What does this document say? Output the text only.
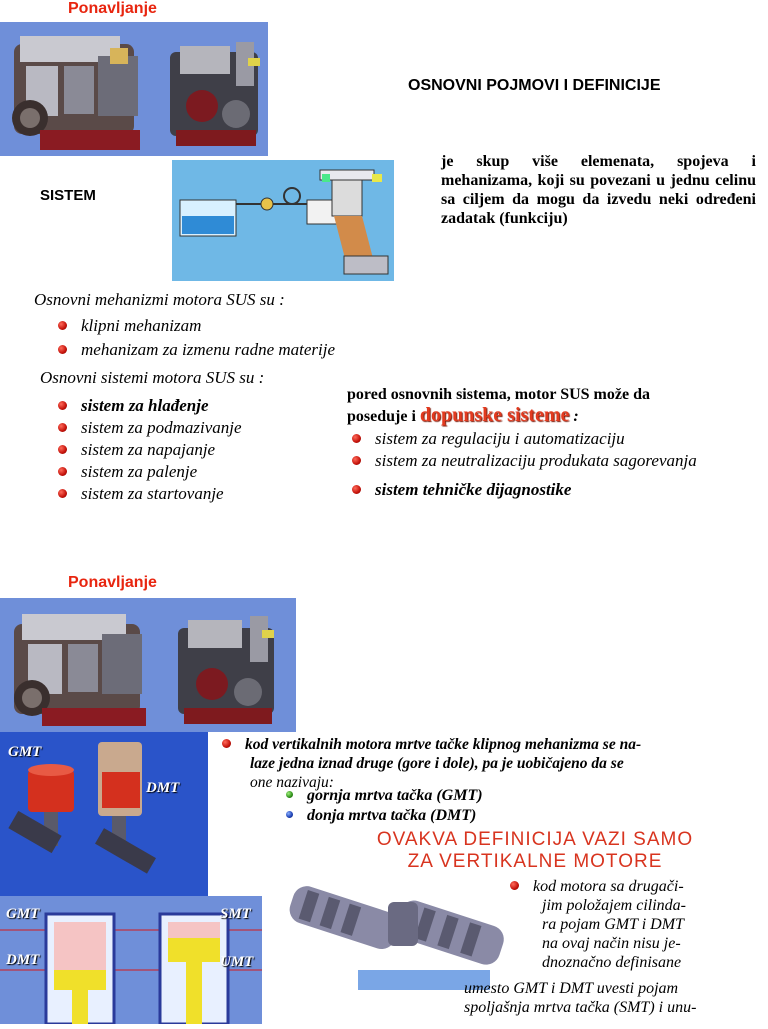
Ponavljanje
OSNOVNI POJMOVI I DEFINICIJE
SISTEM
je skup više elemenata, spojeva i mehanizama, koji su povezani u jednu celinu sa ciljem da mogu da izvedu neki određeni zadatak (funkciju)
Osnovni mehanizmi motora SUS su :
klipni mehanizam
mehanizam za izmenu radne materije
Osnovni sistemi motora SUS su :
sistem za hlađenje
sistem za podmazivanje
sistem za napajanje
sistem za palenje
sistem za startovanje
pored osnovnih sistema, motor SUS može da
poseduje i dopunske sisteme :
sistem za regulaciju i automatizaciju
sistem za neutralizaciju produkata sagorevanja
sistem tehničke dijagnostike
Ponavljanje
GMT
DMT
kod vertikalnih motora mrtve tačke klipnog mehanizma se na-
laze jedna iznad druge (gore i dole), pa je uobičajeno da se
one nazivaju:
gornja mrtva tačka (GMT)
donja mrtva tačka (DMT)
OVAKVA DEFINICIJA VAZI SAMO
ZA VERTIKALNE MOTORE
kod motora sa drugači-
jim položajem cilinda-
ra pojam GMT i DMT
na ovaj način nisu je-
dnoznačno definisane
GMT
DMT
SMT
UMT
umesto GMT i DMT uvesti pojam
spoljašnja mrtva tačka (SMT) i unu-
